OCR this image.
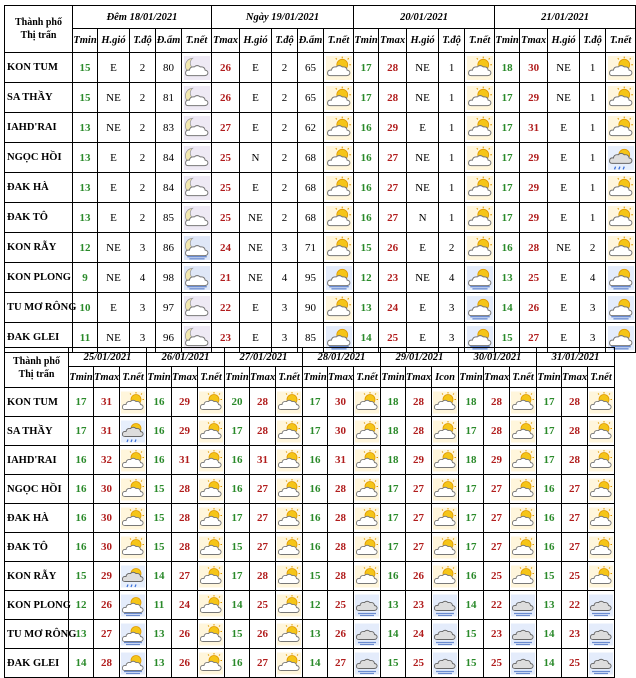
Thành phố
Thị trấn	Đêm 18/01/2021					Ngày 19/01/2021					20/01/2021					21/01/2021				
	Tmin	H.gió	T.độ	Đ.ẩm	T.nết	Tmax	H.gió	T.độ	Đ.ẩm	T.nết	Tmin	Tmax	H.gió	T.độ	T.nết	Tmin	Tmax	H.gió	T.độ	T.nết
KON TUM	15	E	2	80		26	E	2	65		17	28	NE	1		18	30	NE	1	

SA THẦY	15	NE	2	81		26	E	2	65		17	28	NE	1		17	29	NE	1	

IAHD'RAI	13	NE	2	83		27	E	2	62		16	29	E	1		17	31	E	1	

NGỌC HỒI	13	E	2	84		25	N	2	68		16	27	NE	1		17	29	E	1	

ĐAK HÀ	13	E	2	84		25	E	2	68		16	27	NE	1		17	29	E	1	

ĐAK TÔ	13	E	2	85		25	NE	2	68		16	27	N	1		17	29	E	1	

KON RẪY	12	NE	3	86		24	NE	3	71		15	26	E	2		16	28	NE	2	

KON PLONG	9	NE	4	98		21	NE	4	95		12	23	NE	4		13	25	E	4	

TU MƠ RÔNG	10	E	3	97		22	E	3	90		13	24	E	3		14	26	E	3	

ĐAK GLEI	11	NE	3	96		23	E	3	85		14	25	E	3		15	27	E	3	
Thành phố
Thị trấn	25/01/2021			26/01/2021			27/01/2021			28/01/2021			29/01/2021			30/01/2021			31/01/2021		
	Tmin	Tmax	T.nết	Tmin	Tmax	T.nết	Tmin	Tmax	T.nết	Tmin	Tmax	T.nết	Tmin	Tmax	Icon	Tmin	Tmax	T.nết	Tmin	Tmax	T.nết
KON TUM	17	31		16	29		20	28		17	30		18	28		18	28		17	28	

SA THẦY	17	31		16	29		17	28		17	30		18	28		17	28		17	28	

IAHD'RAI	16	32		16	31		16	31		16	31		18	29		18	29		17	28	

NGỌC HỒI	16	30		15	28		16	27		16	28		17	27		17	27		16	27	

ĐAK HÀ	16	30		15	28		17	27		16	28		17	27		17	27		16	27	

ĐAK TÔ	16	30		15	28		15	27		16	28		17	27		17	27		16	27	

KON RẪY	15	29		14	27		17	28		15	28		16	26		16	25		15	25	

KON PLONG	12	26		11	24		14	25		12	25		13	23		14	22		13	22	

TU MƠ RÔNG	13	27		13	26		15	26		13	26		14	24		15	23		14	23	

ĐAK GLEI	14	28		13	26		16	27		14	27		15	25		15	25		14	25	
